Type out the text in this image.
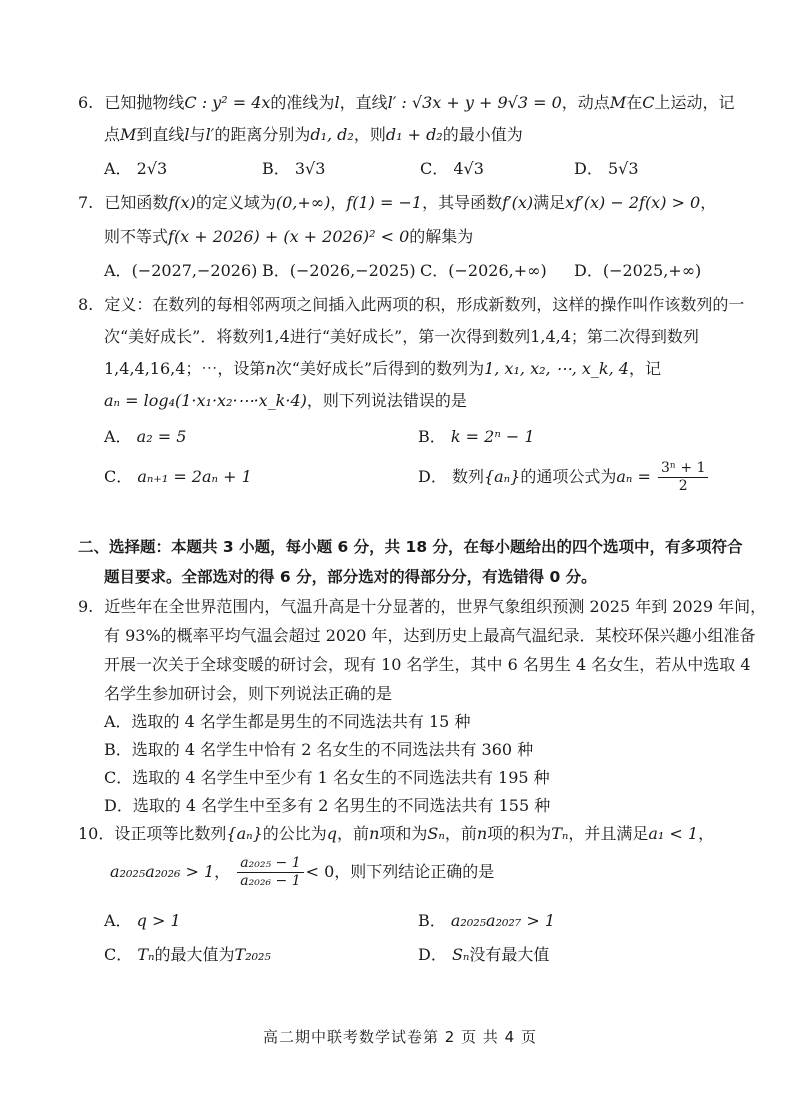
6. 已知抛物线C : y² = 4x的准线为l，直线l′ : √3x + y + 9√3 = 0，动点M在C上运动，记
点M到直线l与l′的距离分别为d₁, d₂，则d₁ + d₂的最小值为
A． 2√3	B． 3√3	C． 4√3	D． 5√3
7. 已知函数f(x)的定义域为(0,+∞)，f(1) = −1，其导函数f′(x)满足xf′(x) − 2f(x) > 0，
则不等式f(x + 2026) + (x + 2026)² < 0的解集为
A．(−2027,−2026) B．(−2026,−2025) C．(−2026,+∞) D．(−2025,+∞)
8. 定义：在数列的每相邻两项之间插入此两项的积，形成新数列，这样的操作叫作该数列的一
次“美好成长”．将数列1,4进行“美好成长”，第一次得到数列1,4,4；第二次得到数列
1,4,4,16,4；⋯，设第n次“美好成长”后得到的数列为1, x₁, x₂, ⋯, x_k, 4，记
aₙ = log₄(1·x₁·x₂·⋯·x_k·4)，则下列说法错误的是
A． a₂ = 5	B． k = 2ⁿ − 1
C． aₙ₊₁ = 2aₙ + 1	D． 数列{aₙ}的通项公式为$a_n = \frac{\text{3ⁿ + 1}}{2}$
二、选择题：本题共 3 小题，每小题 6 分，共 18 分，在每小题给出的四个选项中，有多项符合
题目要求。全部选对的得 6 分，部分选对的得部分分，有选错得 0 分。
9. 近些年在全世界范围内，气温升高是十分显著的，世界气象组织预测 2025 年到 2029 年间，
有 93%的概率平均气温会超过 2020 年，达到历史上最高气温纪录．某校环保兴趣小组准备
开展一次关于全球变暖的研讨会，现有 10 名学生，其中 6 名男生 4 名女生，若从中选取 4
名学生参加研讨会，则下列说法正确的是
A．选取的 4 名学生都是男生的不同选法共有 15 种
B．选取的 4 名学生中恰有 2 名女生的不同选法共有 360 种
C．选取的 4 名学生中至少有 1 名女生的不同选法共有 195 种
D．选取的 4 名学生中至多有 2 名男生的不同选法共有 155 种
10．设正项等比数列{aₙ}的公比为q，前n项和为Sₙ，前n项的积为Tₙ，并且满足a₁ < 1，
a₂₀₂₅a₂₀₂₆ > 1， $\frac{\text{a₂₀₂₅ − 1}}{\text{a₂₀₂₆ − 1}} < 0$，则下列结论正确的是
A． q > 1	B． a₂₀₂₅a₂₀₂₇ > 1
C． Tₙ的最大值为T₂₀₂₅	D． Sₙ没有最大值
高二期中联考数学试卷第 2 页 共 4 页
